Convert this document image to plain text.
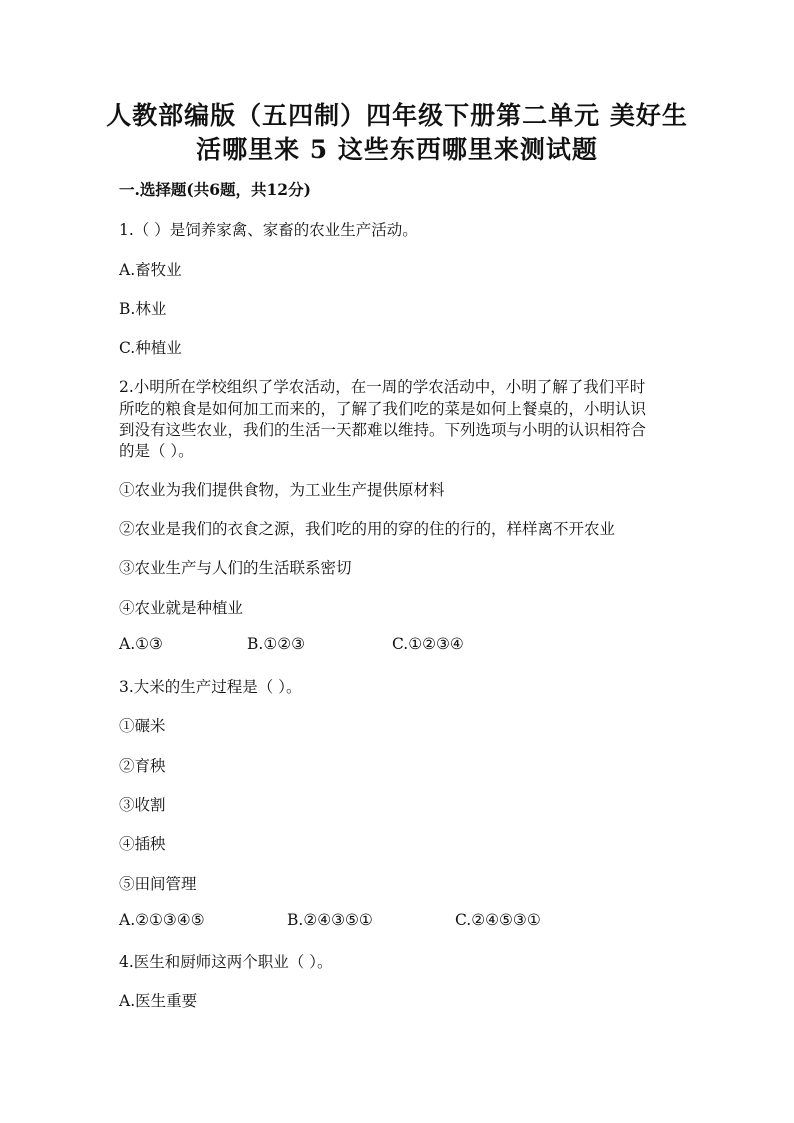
人教部编版（五四制）四年级下册第二单元 美好生
活哪里来 5 这些东西哪里来测试题
一.选择题(共6题，共12分)
1.（ ）是饲养家禽、家畜的农业生产活动。
A.畜牧业
B.林业
C.种植业
2.小明所在学校组织了学农活动，在一周的学农活动中，小明了解了我们平时
所吃的粮食是如何加工而来的，了解了我们吃的菜是如何上餐桌的，小明认识
到没有这些农业，我们的生活一天都难以维持。下列选项与小明的认识相符合
的是（ ）。
①农业为我们提供食物，为工业生产提供原材料
②农业是我们的衣食之源，我们吃的用的穿的住的行的，样样离不开农业
③农业生产与人们的生活联系密切
④农业就是种植业
A.①③	B.①②③	C.①②③④
3.大米的生产过程是（ ）。
①碾米
②育秧
③收割
④插秧
⑤田间管理
A.②①③④⑤	B.②④③⑤①	C.②④⑤③①
4.医生和厨师这两个职业（ ）。
A.医生重要
